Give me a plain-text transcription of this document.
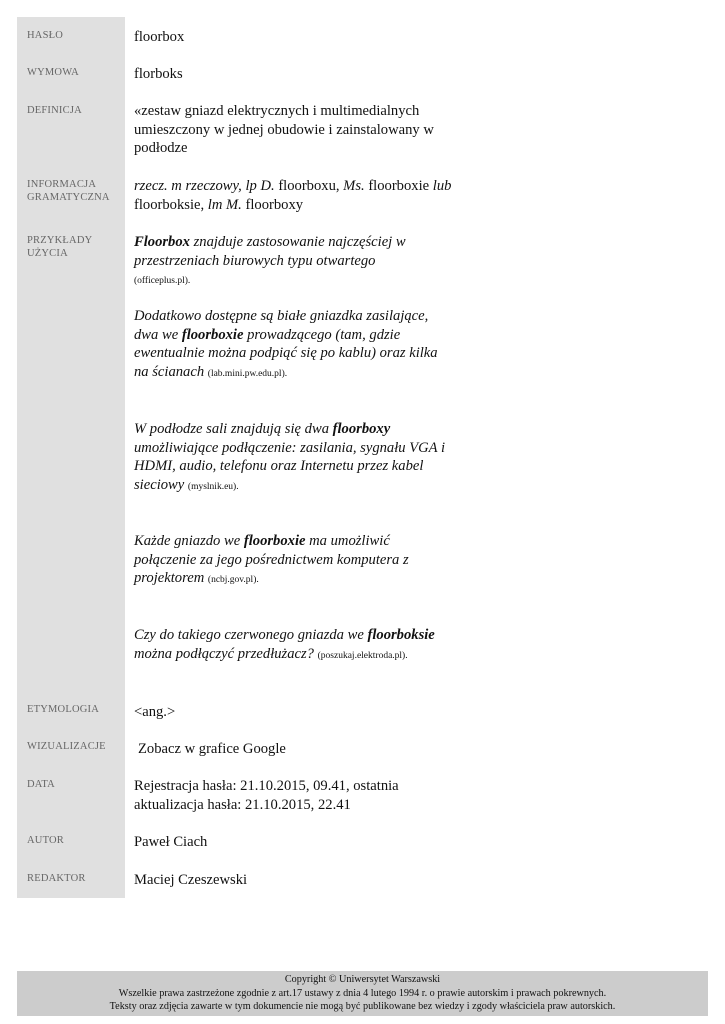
HASŁO
WYMOWA
DEFINICJA
INFORMACJA
GRAMATYCZNA
PRZYKŁADY
UŻYCIA
ETYMOLOGIA
WIZUALIZACJE
DATA
AUTOR
REDAKTOR
floorbox
florboks
«zestaw gniazd elektrycznych i multimedialnych umieszczony w jednej obudowie i zainstalowany w podłodze
rzecz. m rzeczowy, lp D. floorboxu, Ms. floorboxie lub
floorboksie, lm M. floorboxy
Floorbox znajduje zastosowanie najczęściej w przestrzeniach biurowych typu otwartego (officeplus.pl).
Dodatkowo dostępne są białe gniazdka zasilające, dwa we floorboxie prowadzącego (tam, gdzie ewentualnie można podpiąć się po kablu) oraz kilka na ścianach (lab.mini.pw.edu.pl).
W podłodze sali znajdują się dwa floorboxy umożliwiające podłączenie: zasilania, sygnału VGA i HDMI, audio, telefonu oraz Internetu przez kabel sieciowy (myslnik.eu).
Każde gniazdo we floorboxie ma umożliwić połączenie za jego pośrednictwem komputera z projektorem (ncbj.gov.pl).
Czy do takiego czerwonego gniazda we floorboksie można podłączyć przedłużacz? (poszukaj.elektroda.pl).
<ang.>
Zobacz w grafice Google
Rejestracja hasła: 21.10.2015, 09.41, ostatnia
aktualizacja hasła: 21.10.2015, 22.41
Paweł Ciach
Maciej Czeszewski
Copyright © Uniwersytet Warszawski
Wszelkie prawa zastrzeżone zgodnie z art.17 ustawy z dnia 4 lutego 1994 r. o prawie autorskim i prawach pokrewnych.
Teksty oraz zdjęcia zawarte w tym dokumencie nie mogą być publikowane bez wiedzy i zgody właściciela praw autorskich.
